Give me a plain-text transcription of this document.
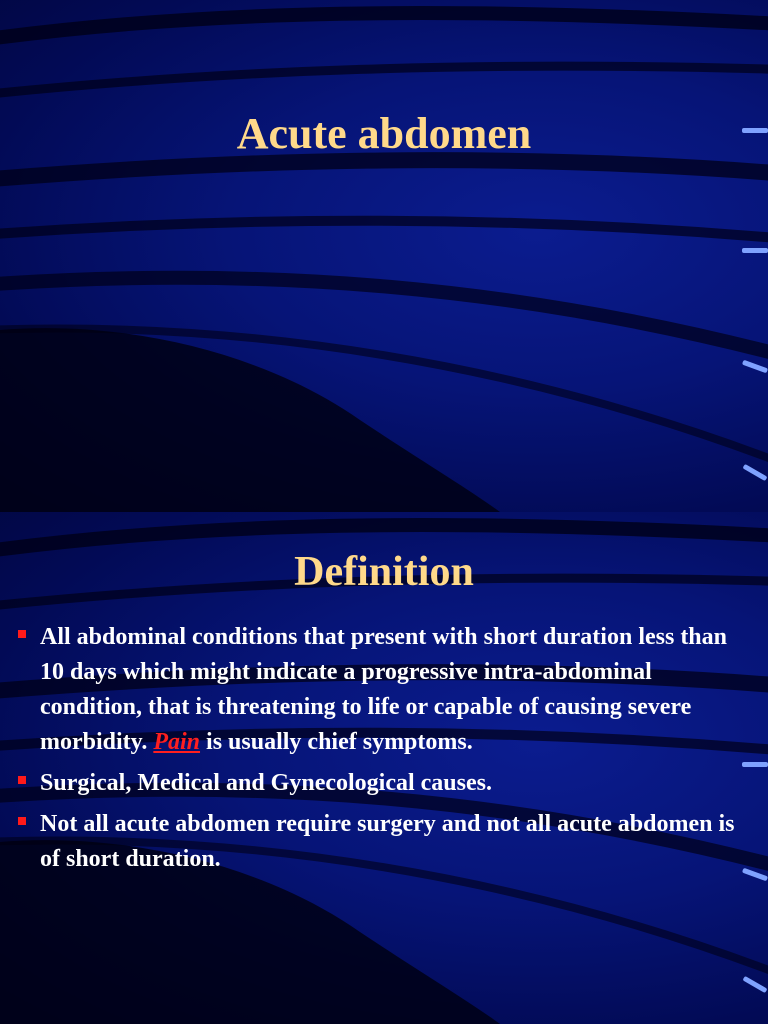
Acute abdomen
Definition
All abdominal conditions that present with short duration less than 10 days which might indicate a progressive intra-abdominal condition, that is threatening to life or capable of causing severe morbidity. Pain is usually chief symptoms.
Surgical, Medical and Gynecological causes.
Not all acute abdomen require surgery and not all acute abdomen is of short duration.
